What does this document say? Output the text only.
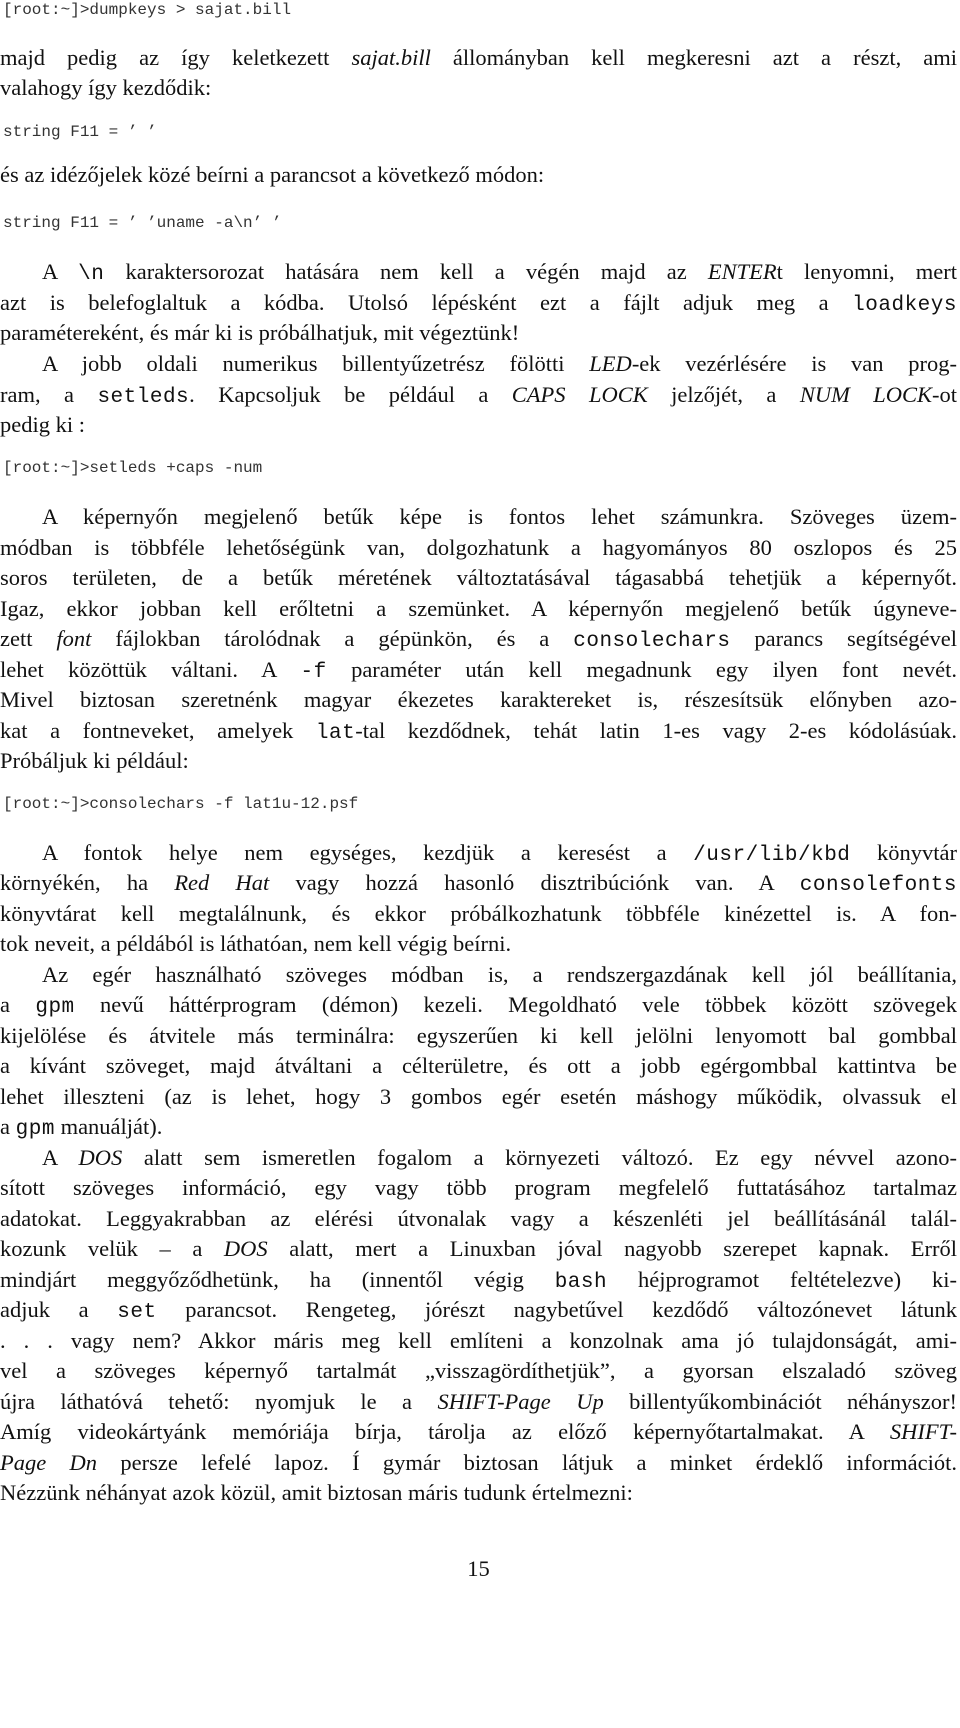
[root:~]>dumpkeys > sajat.bill
majd pedig az így keletkezett sajat.bill állományban kell megkeresni azt a részt, ami
valahogy így kezdődik:
string F11 = ’ ’
és az idézőjelek közé beírni a parancsot a következő módon:
string F11 = ’ ’uname -a\n’ ’
A \n karaktersorozat hatására nem kell a végén majd az ENTERt lenyomni, mert
azt is belefoglaltuk a kódba. Utolsó lépésként ezt a fájlt adjuk meg a loadkeys
paramétereként, és már ki is próbálhatjuk, mit végeztünk!
A jobb oldali numerikus billentyűzetrész fölötti LED-ek vezérlésére is van prog-
ram, a setleds. Kapcsoljuk be például a CAPS LOCK jelzőjét, a NUM LOCK-ot
pedig ki :
[root:~]>setleds +caps -num
A képernyőn megjelenő betűk képe is fontos lehet számunkra. Szöveges üzem-
módban is többféle lehetőségünk van, dolgozhatunk a hagyományos 80 oszlopos és 25
soros területen, de a betűk méretének változtatásával tágasabbá tehetjük a képernyőt.
Igaz, ekkor jobban kell erőltetni a szemünket. A képernyőn megjelenő betűk úgyneve-
zett font fájlokban tárolódnak a gépünkön, és a consolechars parancs segítségével
lehet közöttük váltani. A -f paraméter után kell megadnunk egy ilyen font nevét.
Mivel biztosan szeretnénk magyar ékezetes karaktereket is, részesítsük előnyben azo-
kat a fontneveket, amelyek lat-tal kezdődnek, tehát latin 1-es vagy 2-es kódolásúak.
Próbáljuk ki például:
[root:~]>consolechars -f lat1u-12.psf
A fontok helye nem egységes, kezdjük a keresést a /usr/lib/kbd könyvtár
környékén, ha Red Hat vagy hozzá hasonló disztribúciónk van. A consolefonts
könyvtárat kell megtalálnunk, és ekkor próbálkozhatunk többféle kinézettel is. A fon-
tok neveit, a példából is láthatóan, nem kell végig beírni.
Az egér használható szöveges módban is, a rendszergazdának kell jól beállítania,
a gpm nevű háttérprogram (démon) kezeli. Megoldható vele többek között szövegek
kijelölése és átvitele más terminálra: egyszerűen ki kell jelölni lenyomott bal gombbal
a kívánt szöveget, majd átváltani a célterületre, és ott a jobb egérgombbal kattintva be
lehet illeszteni (az is lehet, hogy 3 gombos egér esetén máshogy működik, olvassuk el
a gpm manuálját).
A DOS alatt sem ismeretlen fogalom a környezeti változó. Ez egy névvel azono-
sított szöveges információ, egy vagy több program megfelelő futtatásához tartalmaz
adatokat. Leggyakrabban az elérési útvonalak vagy a készenléti jel beállításánál talál-
kozunk velük – a DOS alatt, mert a Linuxban jóval nagyobb szerepet kapnak. Erről
mindjárt meggyőződhetünk, ha (innentől végig bash héjprogramot feltételezve) ki-
adjuk a set parancsot. Rengeteg, jórészt nagybetűvel kezdődő változónevet látunk
. . . vagy nem? Akkor máris meg kell említeni a konzolnak ama jó tulajdonságát, ami-
vel a szöveges képernyő tartalmát „visszagördíthetjük”, a gyorsan elszaladó szöveg
újra láthatóvá tehető: nyomjuk le a SHIFT-Page Up billentyűkombinációt néhányszor!
Amíg videokártyánk memóriája bírja, tárolja az előző képernyőtartalmakat. A SHIFT-
Page Dn persze lefelé lapoz. Í gymár biztosan látjuk a minket érdeklő információt.
Nézzünk néhányat azok közül, amit biztosan máris tudunk értelmezni:
15
